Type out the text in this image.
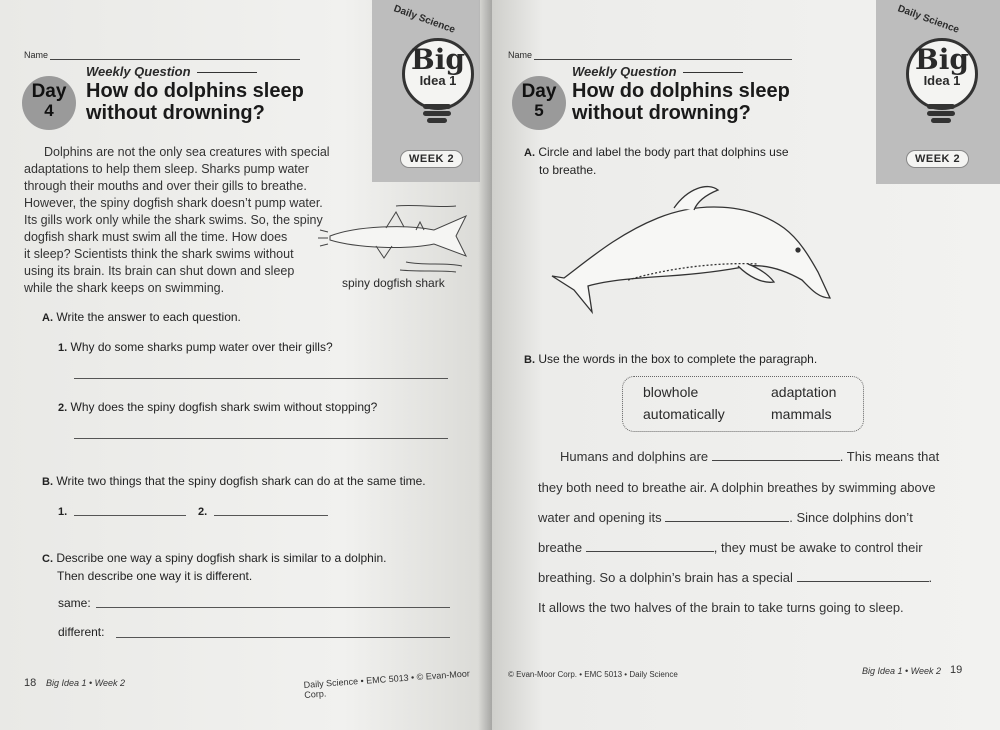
Name
Day
4
Weekly Question
How do dolphins sleep
without drowning?
Daily Science
Big
Idea 1
WEEK 2
Dolphins are not the only sea creatures with special
adaptations to help them sleep. Sharks pump water
through their mouths and over their gills to breathe.
However, the spiny dogfish shark doesn’t pump water.
Its gills work only while the shark swims. So, the spiny
dogfish shark must swim all the time. How does
it sleep? Scientists think the shark swims without
using its brain. Its brain can shut down and sleep
while the shark keeps on swimming.	spiny dogfish shark
A. Write the answer to each question.
1. Why do some sharks pump water over their gills?
2. Why does the spiny dogfish shark swim without stopping?
B. Write two things that the spiny dogfish shark can do at the same time.
1.	2.
C. Describe one way a spiny dogfish shark is similar to a dolphin.
Then describe one way it is different.
same:
different:
18 Big Idea 1 • Week 2	Daily Science • EMC 5013 • © Evan-Moor Corp.
Name
Day
5
Weekly Question
How do dolphins sleep
without drowning?
Daily Science
Big
Idea 1
WEEK 2
A. Circle and label the body part that dolphins use
to breathe.
B. Use the words in the box to complete the paragraph.
blowhole	adaptation
automatically	mammals
Humans and dolphins are	. This means that
they both need to breathe air. A dolphin breathes by swimming above
water and opening its	. Since dolphins don’t
breathe	, they must be awake to control their
breathing. So a dolphin’s brain has a special	.
It allows the two halves of the brain to take turns going to sleep.
© Evan-Moor Corp. • EMC 5013 • Daily Science	Big Idea 1 • Week 2 19
